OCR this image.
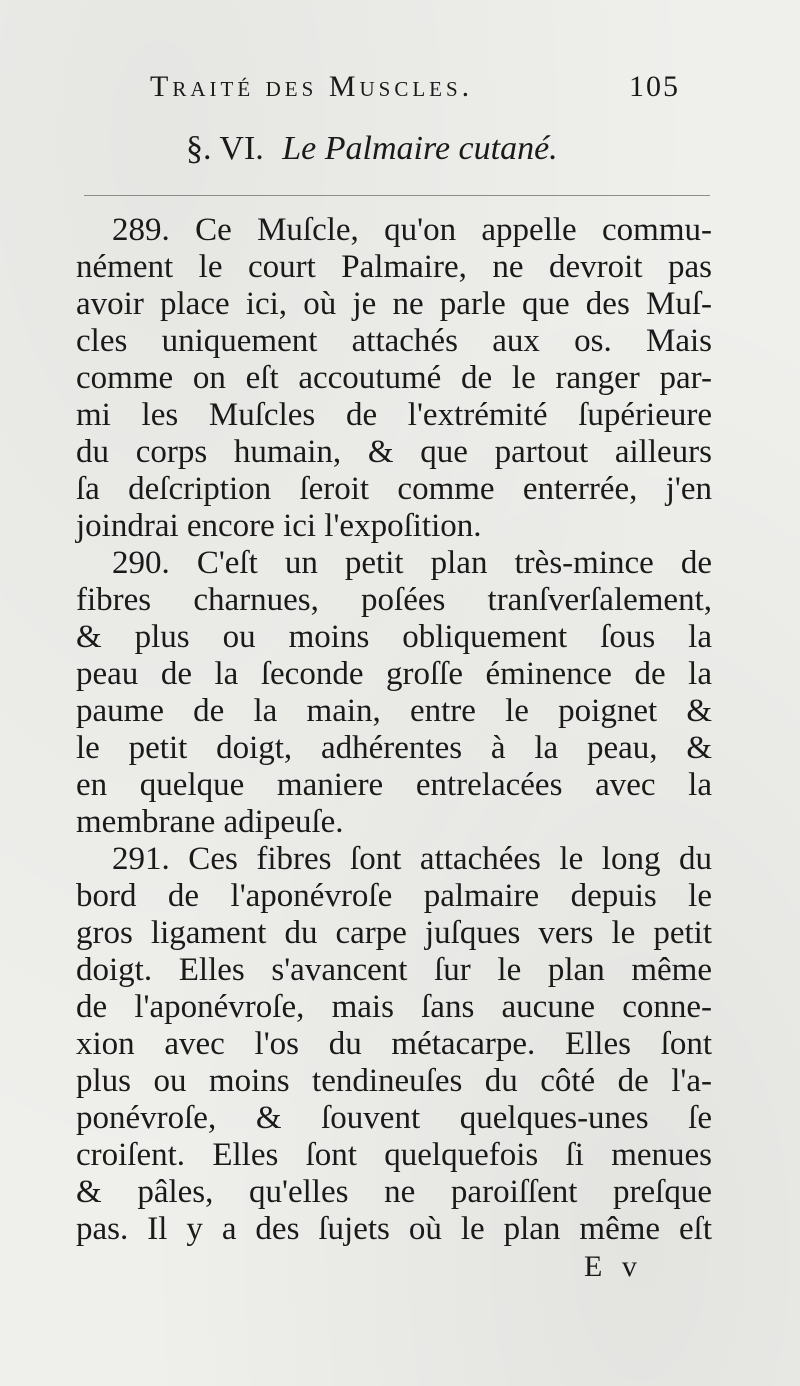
Traité des Muscles.	105
§. VI. Le Palmaire cutané.
289. Ce Muſcle, qu'on appelle commu-
nément le court Palmaire, ne devroit pas
avoir place ici, où je ne parle que des Muſ-
cles uniquement attachés aux os. Mais
comme on eſt accoutumé de le ranger par-
mi les Muſcles de l'extrémité ſupérieure
du corps humain, & que partout ailleurs
ſa deſcription ſeroit comme enterrée, j'en
joindrai encore ici l'expoſition.
290. C'eſt un petit plan très-mince de
fibres charnues, poſées tranſverſalement,
& plus ou moins obliquement ſous la
peau de la ſeconde groſſe éminence de la
paume de la main, entre le poignet &
le petit doigt, adhérentes à la peau, &
en quelque maniere entrelacées avec la
membrane adipeuſe.
291. Ces fibres ſont attachées le long du
bord de l'aponévroſe palmaire depuis le
gros ligament du carpe juſques vers le petit
doigt. Elles s'avancent ſur le plan même
de l'aponévroſe, mais ſans aucune conne-
xion avec l'os du métacarpe. Elles ſont
plus ou moins tendineuſes du côté de l'a-
ponévroſe, & ſouvent quelques-unes ſe
croiſent. Elles ſont quelquefois ſi menues
& pâles, qu'elles ne paroiſſent preſque
pas. Il y a des ſujets où le plan même eſt
E v
